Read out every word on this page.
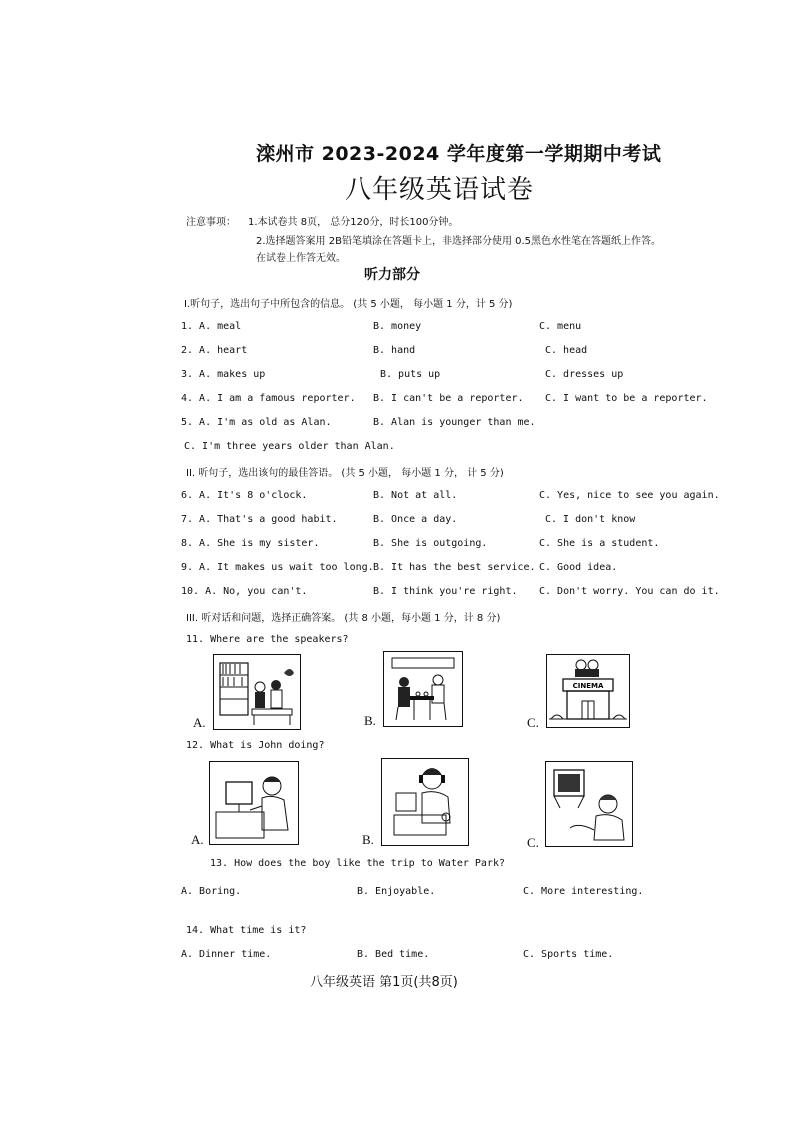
滦州市 2023-2024 学年度第一学期期中考试
八年级英语试卷
注意事项： 1.本试卷共 8页， 总分120分，时长100分钟。
2.选择题答案用 2B铅笔填涂在答题卡上，非选择部分使用 0.5黑色水性笔在答题纸上作答。
在试卷上作答无效。
听力部分
I.听句子，选出句子中所包含的信息。 (共 5 小题， 每小题 1 分，计 5 分)
1. A. meal	B. money	C. menu
2. A. heart	B. hand	C. head
3. A. makes up	B. puts up	C. dresses up
4. A. I am a famous reporter. B. I can't be a reporter. C. I want to be a reporter.
5. A. I'm as old as Alan.	B. Alan is younger than me.
C. I'm three years older than Alan.
II. 听句子，选出该句的最佳答语。 (共 5 小题， 每小题 1 分， 计 5 分)
6. A. It's 8 o'clock.	B. Not at all.	C. Yes, nice to see you again.
7. A. That's a good habit.	B. Once a day.	C. I don't know
8. A. She is my sister.	B. She is outgoing.	C. She is a student.
9. A. It makes us wait too long. B. It has the best service. C. Good idea.
10. A. No, you can't.	B. I think you're right. C. Don't worry. You can do it.
III. 听对话和问题，选择正确答案。 (共 8 小题，每小题 1 分，计 8 分)
11. Where are the speakers?
A.	B.
CINEMA
C.
12. What is John doing?
A.	B.	C.
13. How does the boy like the trip to Water Park?
A. Boring.	B. Enjoyable.	C. More interesting.
14. What time is it?
A. Dinner time.	B. Bed time.	C. Sports time.
八年级英语 第1页(共8页)
